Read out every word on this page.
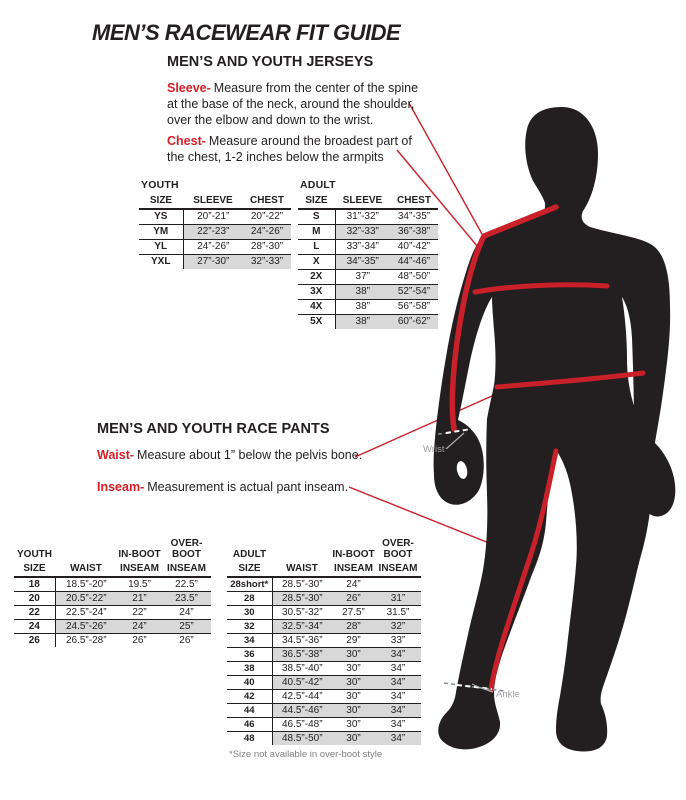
Wrist
Ankle
MEN’S RACEWEAR FIT GUIDE
MEN’S AND YOUTH JERSEYS
Sleeve- Measure from the center of the spine at the base of the neck, around the shoulder, over the elbow and down to the wrist.
Chest- Measure around the broadest part of the chest, 1-2 inches below the armpits
MEN’S AND YOUTH RACE PANTS
Waist- Measure about 1” below the pelvis bone.
Inseam- Measurement is actual pant inseam.
YOUTH
SIZE	SLEEVE	CHEST
YS	20”-21”	20”-22”
YM	22”-23”	24”-26”
YL	24”-26”	28”-30”
YXL	27”-30”	32”-33”
ADULT
SIZE	SLEEVE	CHEST
S	31”-32”	34”-35”
M	32”-33”	36”-38”
L	33”-34”	40”-42”
X	34”-35”	44”-46”
2X	37”	48”-50”
3X	38”	52”-54”
4X	38”	56”-58”
5X	38”	60”-62”
YOUTH		IN-BOOT	OVER-BOOT
SIZE	WAIST	INSEAM	INSEAM
18	18.5”-20”	19.5”	22.5”
20	20.5”-22”	21”	23.5”
22	22.5”-24”	22”	24”
24	24.5”-26”	24”	25”
26	26.5”-28”	26”	26”
ADULT		IN-BOOT	OVER-BOOT
SIZE	WAIST	INSEAM	INSEAM
28short*	28.5”-30”	24”	
28	28.5”-30”	26”	31”
30	30.5”-32”	27.5”	31.5”
32	32.5”-34”	28”	32”
34	34.5”-36”	29”	33”
36	36.5”-38”	30”	34”
38	38.5”-40”	30”	34”
40	40.5”-42”	30”	34”
42	42.5”-44”	30”	34”
44	44.5”-46”	30”	34”
46	46.5”-48”	30”	34”
48	48.5”-50”	30”	34”
*Size not available in over-boot style
